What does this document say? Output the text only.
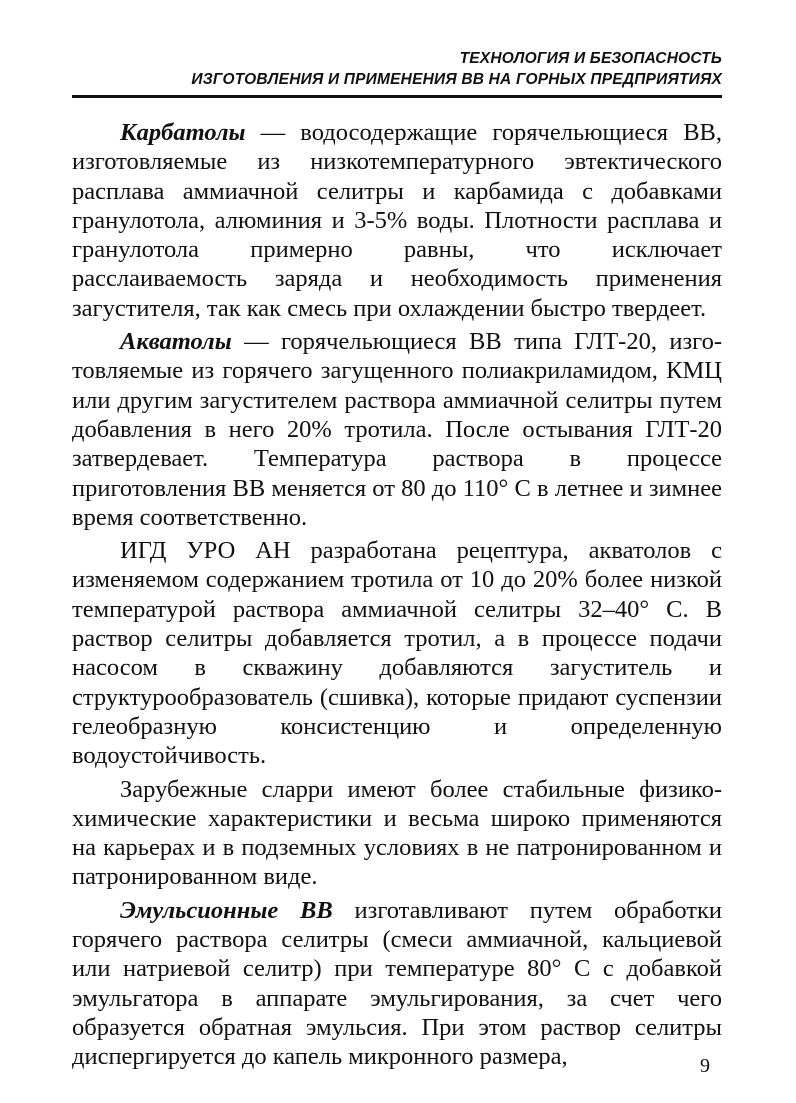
ТЕХНОЛОГИЯ И БЕЗОПАСНОСТЬ
ИЗГОТОВЛЕНИЯ И ПРИМЕНЕНИЯ ВВ НА ГОРНЫХ ПРЕДПРИЯТИЯХ

Карбатолы — водосодержащие горячельющиеся ВВ, изготовляемые из низкотемпературного эвтектического расплава аммиачной селитры и карбамида с добавками гранулотола, алюминия и 3-5% воды. Плотности расплава и гранулотола примерно равны, что исключает расслаиваемость заряда и необходимость применения загустителя, так как смесь при охлаждении быстро твердеет.

Акватолы — горячельющиеся ВВ типа ГЛТ-20, изготовляемые из горячего загущенного полиакриламидом, КМЦ или другим загустителем раствора аммиачной селитры путем добавления в него 20% тротила. После остывания ГЛТ-20 затвердевает. Температура раствора в процессе приготовления ВВ меняется от 80 до 110° С в летнее и зимнее время соответственно.

ИГД УРО АН разработана рецептура, акватолов с изменяемом содержанием тротила от 10 до 20% более низкой температурой раствора аммиачной селитры 32–40° С. В раствор селитры добавляется тротил, а в процессе подачи насосом в скважину добавляются загуститель и структурообразователь (сшивка), которые придают суспензии гелеобразную консистенцию и определенную водоустойчивость.

Зарубежные сларри имеют более стабильные физико-химические характеристики и весьма широко применяются на карьерах и в подземных условиях в не патронированном и патронированном виде.

Эмульсионные ВВ изготавливают путем обработки горячего раствора селитры (смеси аммиачной, кальциевой или натриевой селитр) при температуре 80° С с добавкой эмульгатора в аппарате эмульгирования, за счет чего образуется обратная эмульсия. При этом раствор селитры диспергируется до капель микронного размера,	9
